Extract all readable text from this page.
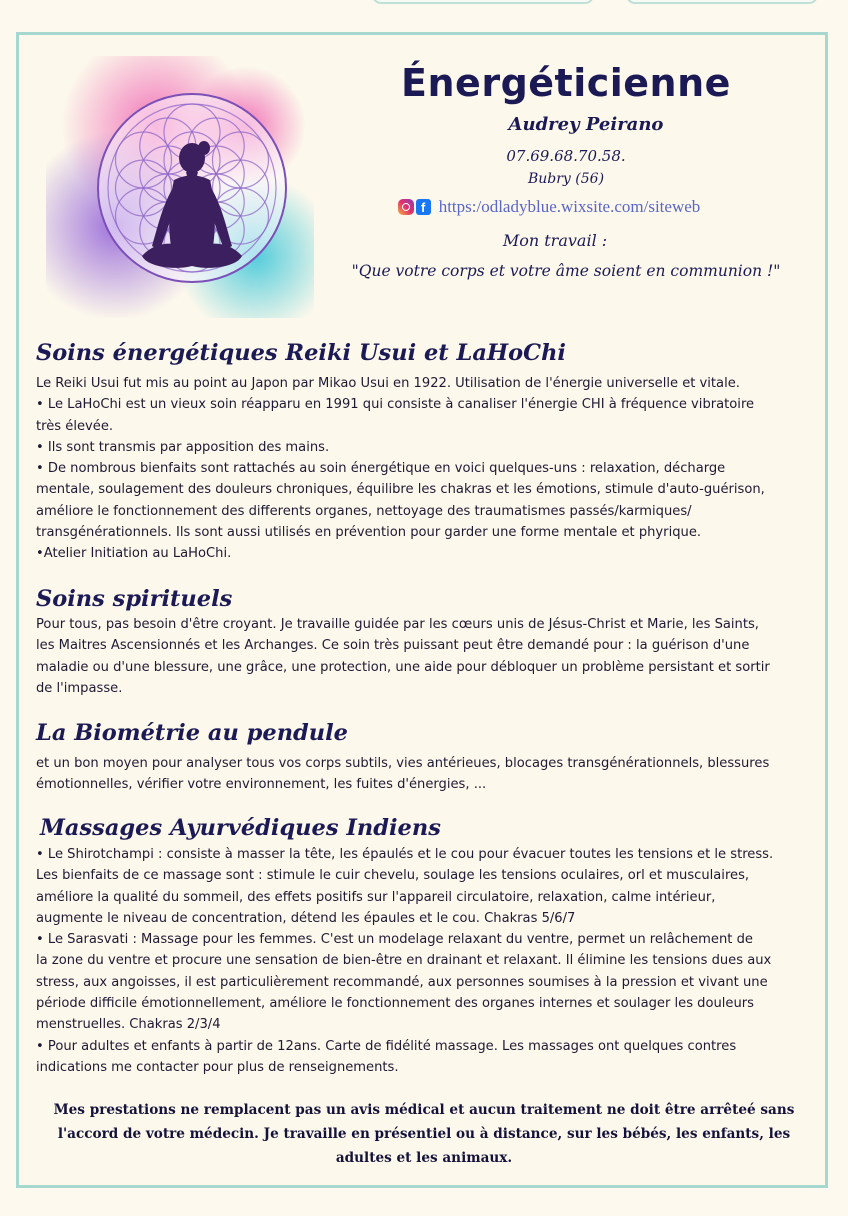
Énergéticienne
Audrey Peirano
07.69.68.70.58.
Bubry (56)
f https:/odladyblue.wixsite.com/siteweb
Mon travail :
"Que votre corps et votre âme soient en communion !"
Soins énergétiques Reiki Usui et LaHoChi

Le Reiki Usui fut mis au point au Japon par Mikao Usui en 1922. Utilisation de l'énergie universelle et vitale.

• Le LaHoChi est un vieux soin réapparu en 1991 qui consiste à canaliser l'énergie CHI à fréquence vibratoire

très élevée.

• Ils sont transmis par apposition des mains.

• De nombrous bienfaits sont rattachés au soin énergétique en voici quelques-uns : relaxation, décharge

mentale, soulagement des douleurs chroniques, équilibre les chakras et les émotions, stimule d'auto-guérison,

améliore le fonctionnement des differents organes, nettoyage des traumatismes passés/karmiques/

transgénérationnels. Ils sont aussi utilisés en prévention pour garder une forme mentale et phyrique.

•Atelier Initiation au LaHoChi.

Soins spirituels

Pour tous, pas besoin d'être croyant. Je travaille guidée par les cœurs unis de Jésus-Christ et Marie, les Saints,

les Maitres Ascensionnés et les Archanges. Ce soin très puissant peut être demandé pour : la guérison d'une

maladie ou d'une blessure, une grâce, une protection, une aide pour débloquer un problème persistant et sortir

de l'impasse.

La Biométrie au pendule

et un bon moyen pour analyser tous vos corps subtils, vies antérieues, blocages transgénérationnels, blessures

émotionnelles, vérifier votre environnement, les fuites d'énergies, ...

Massages Ayurvédiques Indiens

• Le Shirotchampi : consiste à masser la tête, les épaulés et le cou pour évacuer toutes les tensions et le stress.

Les bienfaits de ce massage sont : stimule le cuir chevelu, soulage les tensions oculaires, orl et musculaires,

améliore la qualité du sommeil, des effets positifs sur l'appareil circulatoire, relaxation, calme intérieur,

augmente le niveau de concentration, détend les épaules et le cou. Chakras 5/6/7

• Le Sarasvati : Massage pour les femmes. C'est un modelage relaxant du ventre, permet un relâchement de

la zone du ventre et procure une sensation de bien-être en drainant et relaxant. Il élimine les tensions dues aux

stress, aux angoisses, il est particulièrement recommandé, aux personnes soumises à la pression et vivant une

période difficile émotionnellement, améliore le fonctionnement des organes internes et soulager les douleurs

menstruelles. Chakras 2/3/4

• Pour adultes et enfants à partir de 12ans. Carte de fidélité massage. Les massages ont quelques contres

indications me contacter pour plus de renseignements.

Mes prestations ne remplacent pas un avis médical et aucun traitement ne doit être arrêteé sans

l'accord de votre médecin. Je travaille en présentiel ou à distance, sur les bébés, les enfants, les

adultes et les animaux.
